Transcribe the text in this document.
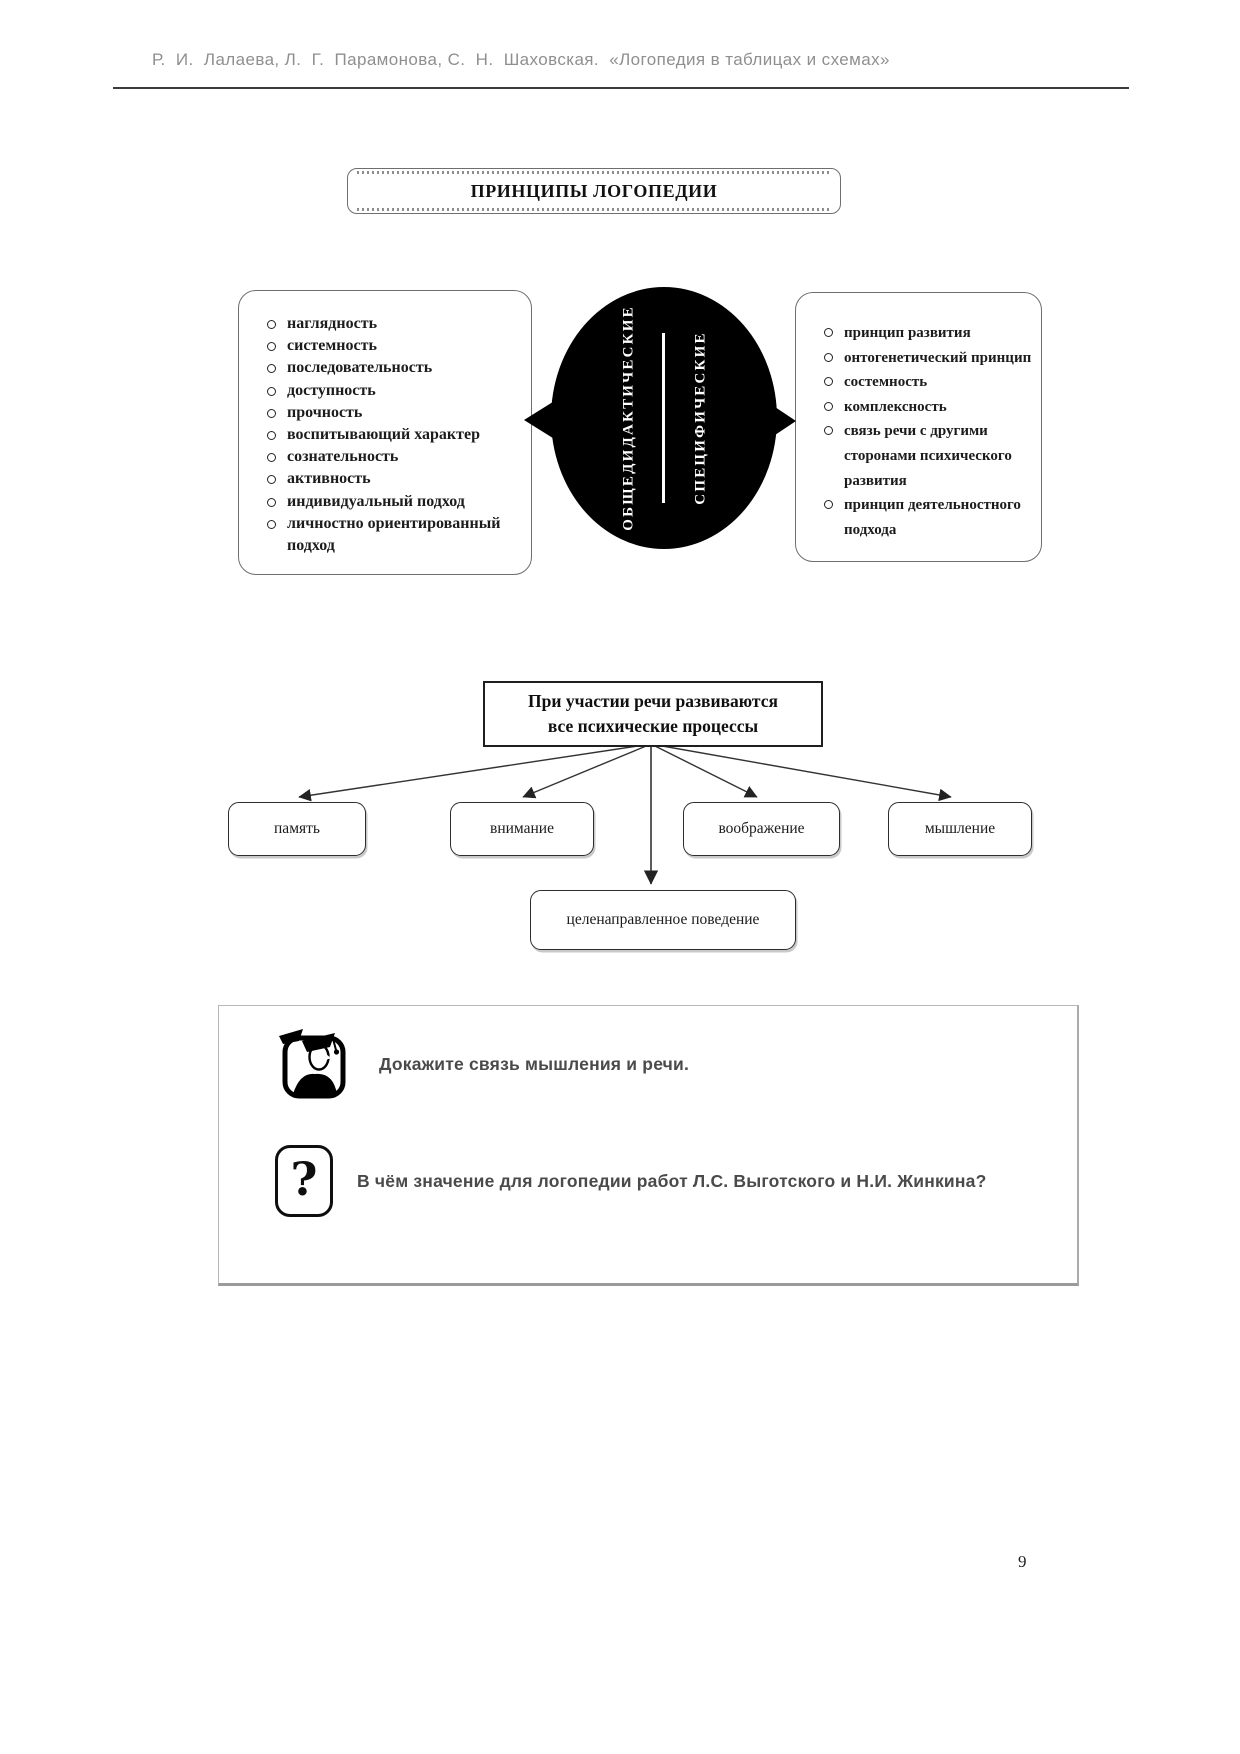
Р.  И.  Лалаева, Л.  Г.  Парамонова, С.  Н.  Шаховская.  «Логопедия в таблицах и схемах»
ПРИНЦИПЫ ЛОГОПЕДИИ
наглядность
системность
последовательность
доступность
прочность
воспитывающий характер
сознательность
активность
индивидуальный подход
личностно ориентированный подход
принцип развития
онтогенетический принцип
состемность
комплексность
связь речи с другими сторонами психического развития
принцип деятельностного подхода
ОБЩЕДИДАКТИЧЕСКИЕ	СПЕЦИФИЧЕСКИЕ
При участии речи развиваются
все психические процессы
память	внимание	воображение	мышление
целенаправленное поведение
Докажите связь мышления и речи.
? В чём значение для логопедии работ Л.С. Выготского и Н.И. Жинкина?
9
